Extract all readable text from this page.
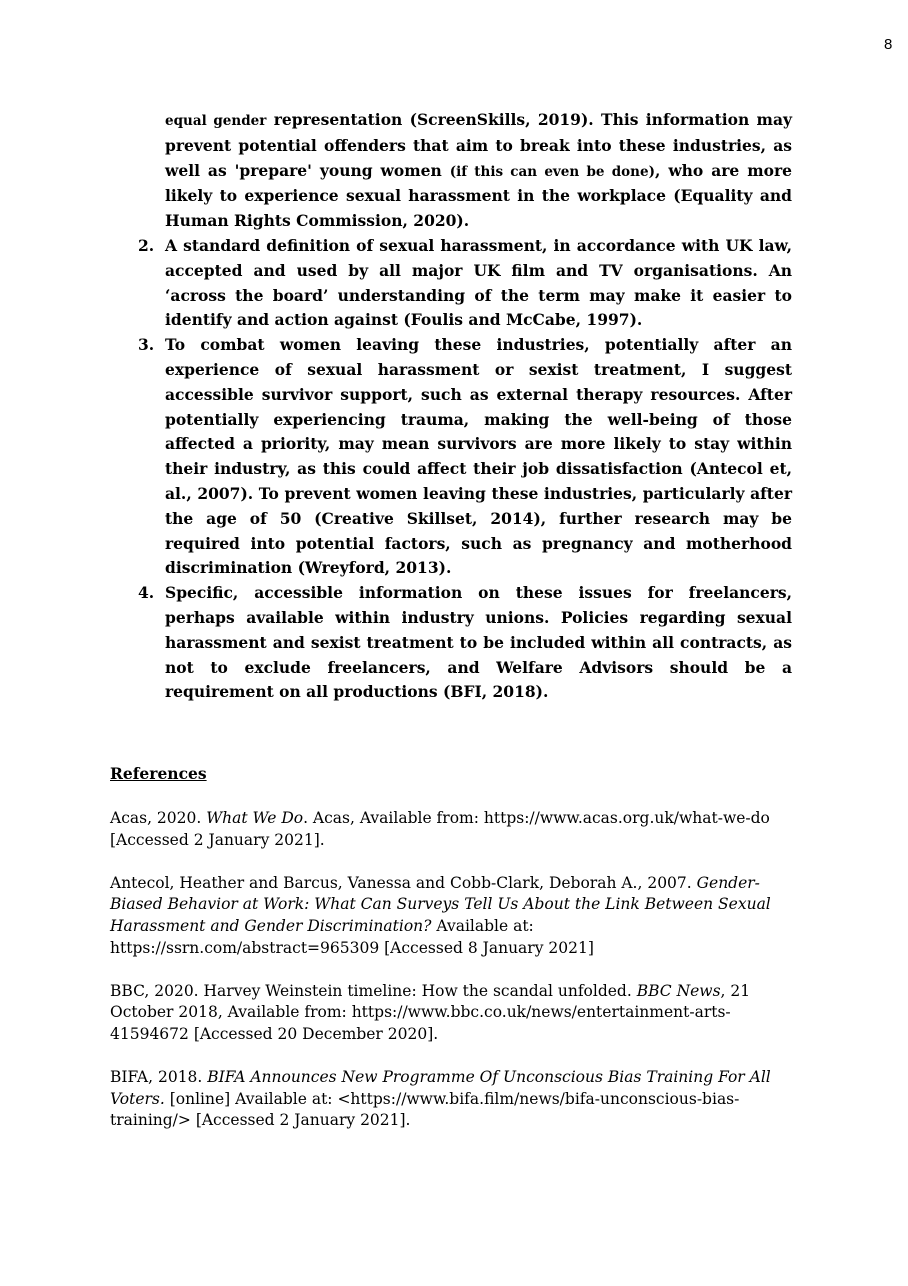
8
equal gender representation (ScreenSkills, 2019). This information may prevent potential offenders that aim to break into these industries, as well as 'prepare' young women (if this can even be done), who are more likely to experience sexual harassment in the workplace (Equality and Human Rights Commission, 2020).
2. A standard definition of sexual harassment, in accordance with UK law, accepted and used by all major UK film and TV organisations. An ‘across the board’ understanding of the term may make it easier to identify and action against (Foulis and McCabe, 1997).
3. To combat women leaving these industries, potentially after an experience of sexual harassment or sexist treatment, I suggest accessible survivor support, such as external therapy resources. After potentially experiencing trauma, making the well-being of those affected a priority, may mean survivors are more likely to stay within their industry, as this could affect their job dissatisfaction (Antecol et, al., 2007). To prevent women leaving these industries, particularly after the age of 50 (Creative Skillset, 2014), further research may be required into potential factors, such as pregnancy and motherhood discrimination (Wreyford, 2013).
4. Specific, accessible information on these issues for freelancers, perhaps available within industry unions. Policies regarding sexual harassment and sexist treatment to be included within all contracts, as not to exclude freelancers, and Welfare Advisors should be a requirement on all productions (BFI, 2018).
References
Acas, 2020. What We Do. Acas, Available from: https://www.acas.org.uk/what-we-do [Accessed 2 January 2021].
Antecol, Heather and Barcus, Vanessa and Cobb-Clark, Deborah A., 2007. Gender-Biased Behavior at Work: What Can Surveys Tell Us About the Link Between Sexual Harassment and Gender Discrimination? Available at: https://ssrn.com/abstract=965309 [Accessed 8 January 2021]
BBC, 2020. Harvey Weinstein timeline: How the scandal unfolded. BBC News, 21 October 2018, Available from: https://www.bbc.co.uk/news/entertainment-arts-41594672 [Accessed 20 December 2020].
BIFA, 2018. BIFA Announces New Programme Of Unconscious Bias Training For All Voters. [online] Available at: <https://www.bifa.film/news/bifa-unconscious-bias-training/> [Accessed 2 January 2021].
